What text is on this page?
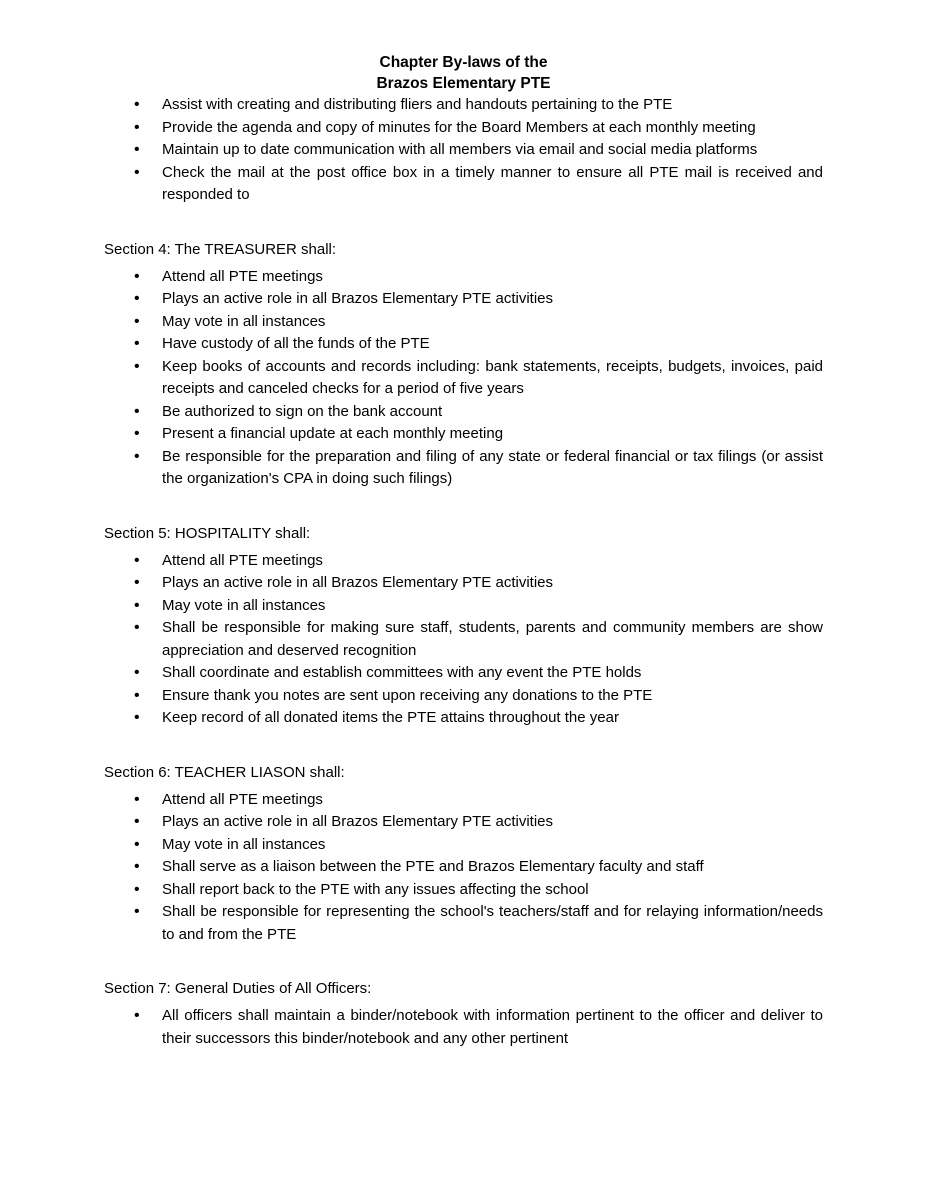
Chapter By-laws of the
Brazos Elementary PTE
• Assist with creating and distributing fliers and handouts pertaining to the PTE
• Provide the agenda and copy of minutes for the Board Members at each monthly meeting
• Maintain up to date communication with all members via email and social media platforms
• Check the mail at the post office box in a timely manner to ensure all PTE mail is received and responded to
Section 4: The TREASURER shall:
• Attend all PTE meetings
• Plays an active role in all Brazos Elementary PTE activities
• May vote in all instances
• Have custody of all the funds of the PTE
• Keep books of accounts and records including: bank statements, receipts, budgets, invoices, paid receipts and canceled checks for a period of five years
• Be authorized to sign on the bank account
• Present a financial update at each monthly meeting
• Be responsible for the preparation and filing of any state or federal financial or tax filings (or assist the organization's CPA in doing such filings)
Section 5: HOSPITALITY shall:
• Attend all PTE meetings
• Plays an active role in all Brazos Elementary PTE activities
• May vote in all instances
• Shall be responsible for making sure staff, students, parents and community members are show appreciation and deserved recognition
• Shall coordinate and establish committees with any event the PTE holds
• Ensure thank you notes are sent upon receiving any donations to the PTE
• Keep record of all donated items the PTE attains throughout the year
Section 6: TEACHER LIASON shall:
• Attend all PTE meetings
• Plays an active role in all Brazos Elementary PTE activities
• May vote in all instances
• Shall serve as a liaison between the PTE and Brazos Elementary faculty and staff
• Shall report back to the PTE with any issues affecting the school
• Shall be responsible for representing the school's teachers/staff and for relaying information/needs to and from the PTE
Section 7: General Duties of All Officers:
• All officers shall maintain a binder/notebook with information pertinent to the officer and deliver to their successors this binder/notebook and any other pertinent
